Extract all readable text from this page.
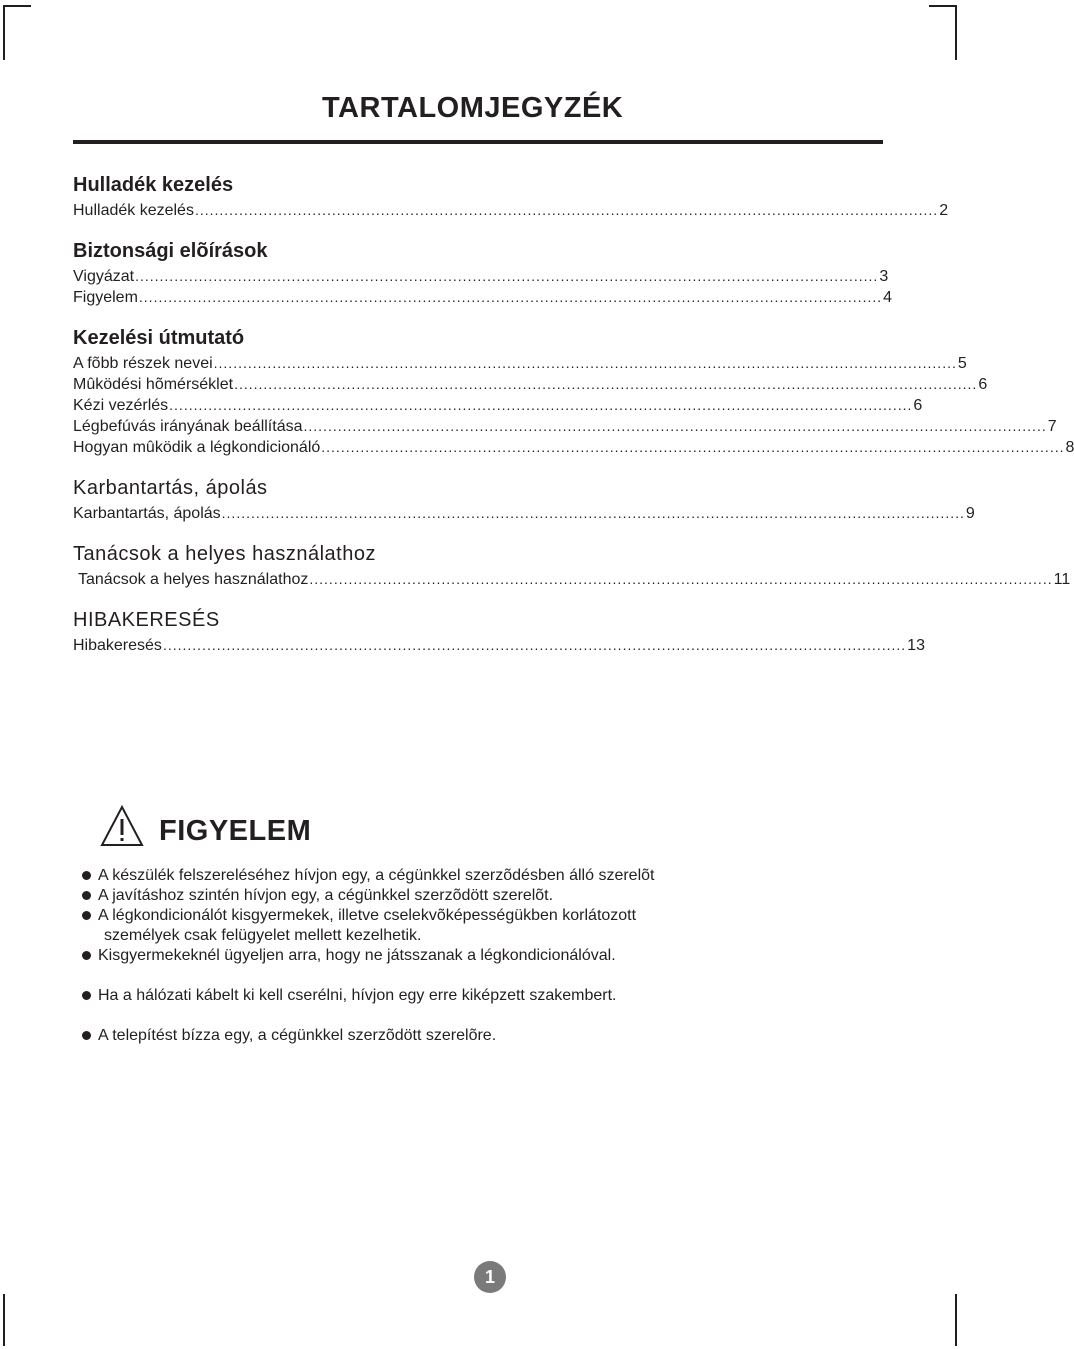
TARTALOMJEGYZÉK
Hulladék kezelés
Hulladék kezelés ........................................................................................................................................................ 2
Biztonsági elõírások
Vigyázat ........................................................................................................................................................ 3
Figyelem ........................................................................................................................................................ 4
Kezelési útmutató
A fõbb részek nevei ........................................................................................................................................................ 5
Mûködési hõmérséklet ........................................................................................................................................................ 6
Kézi vezérlés ........................................................................................................................................................ 6
Légbefúvás irányának beállítása ........................................................................................................................................................ 7
Hogyan mûködik a légkondicionáló ........................................................................................................................................................ 8
Karbantartás, ápolás
Karbantartás, ápolás ........................................................................................................................................................ 9
Tanácsok a helyes használathoz
Tanácsok a helyes használathoz ........................................................................................................................................................ 11
HIBAKERESÉS
Hibakeresés ........................................................................................................................................................ 13
FIGYELEM
A készülék felszereléséhez hívjon egy, a cégünkkel szerzõdésben álló szerelõt
A javításhoz szintén hívjon egy, a cégünkkel szerzõdött szerelõt.
A légkondicionálót kisgyermekek, illetve cselekvõképességükben korlátozott
személyek csak felügyelet mellett kezelhetik.
Kisgyermekeknél ügyeljen arra, hogy ne játsszanak a légkondicionálóval.
Ha a hálózati kábelt ki kell cserélni, hívjon egy erre kiképzett szakembert.
A telepítést bízza egy, a cégünkkel szerzõdött szerelõre.
1
